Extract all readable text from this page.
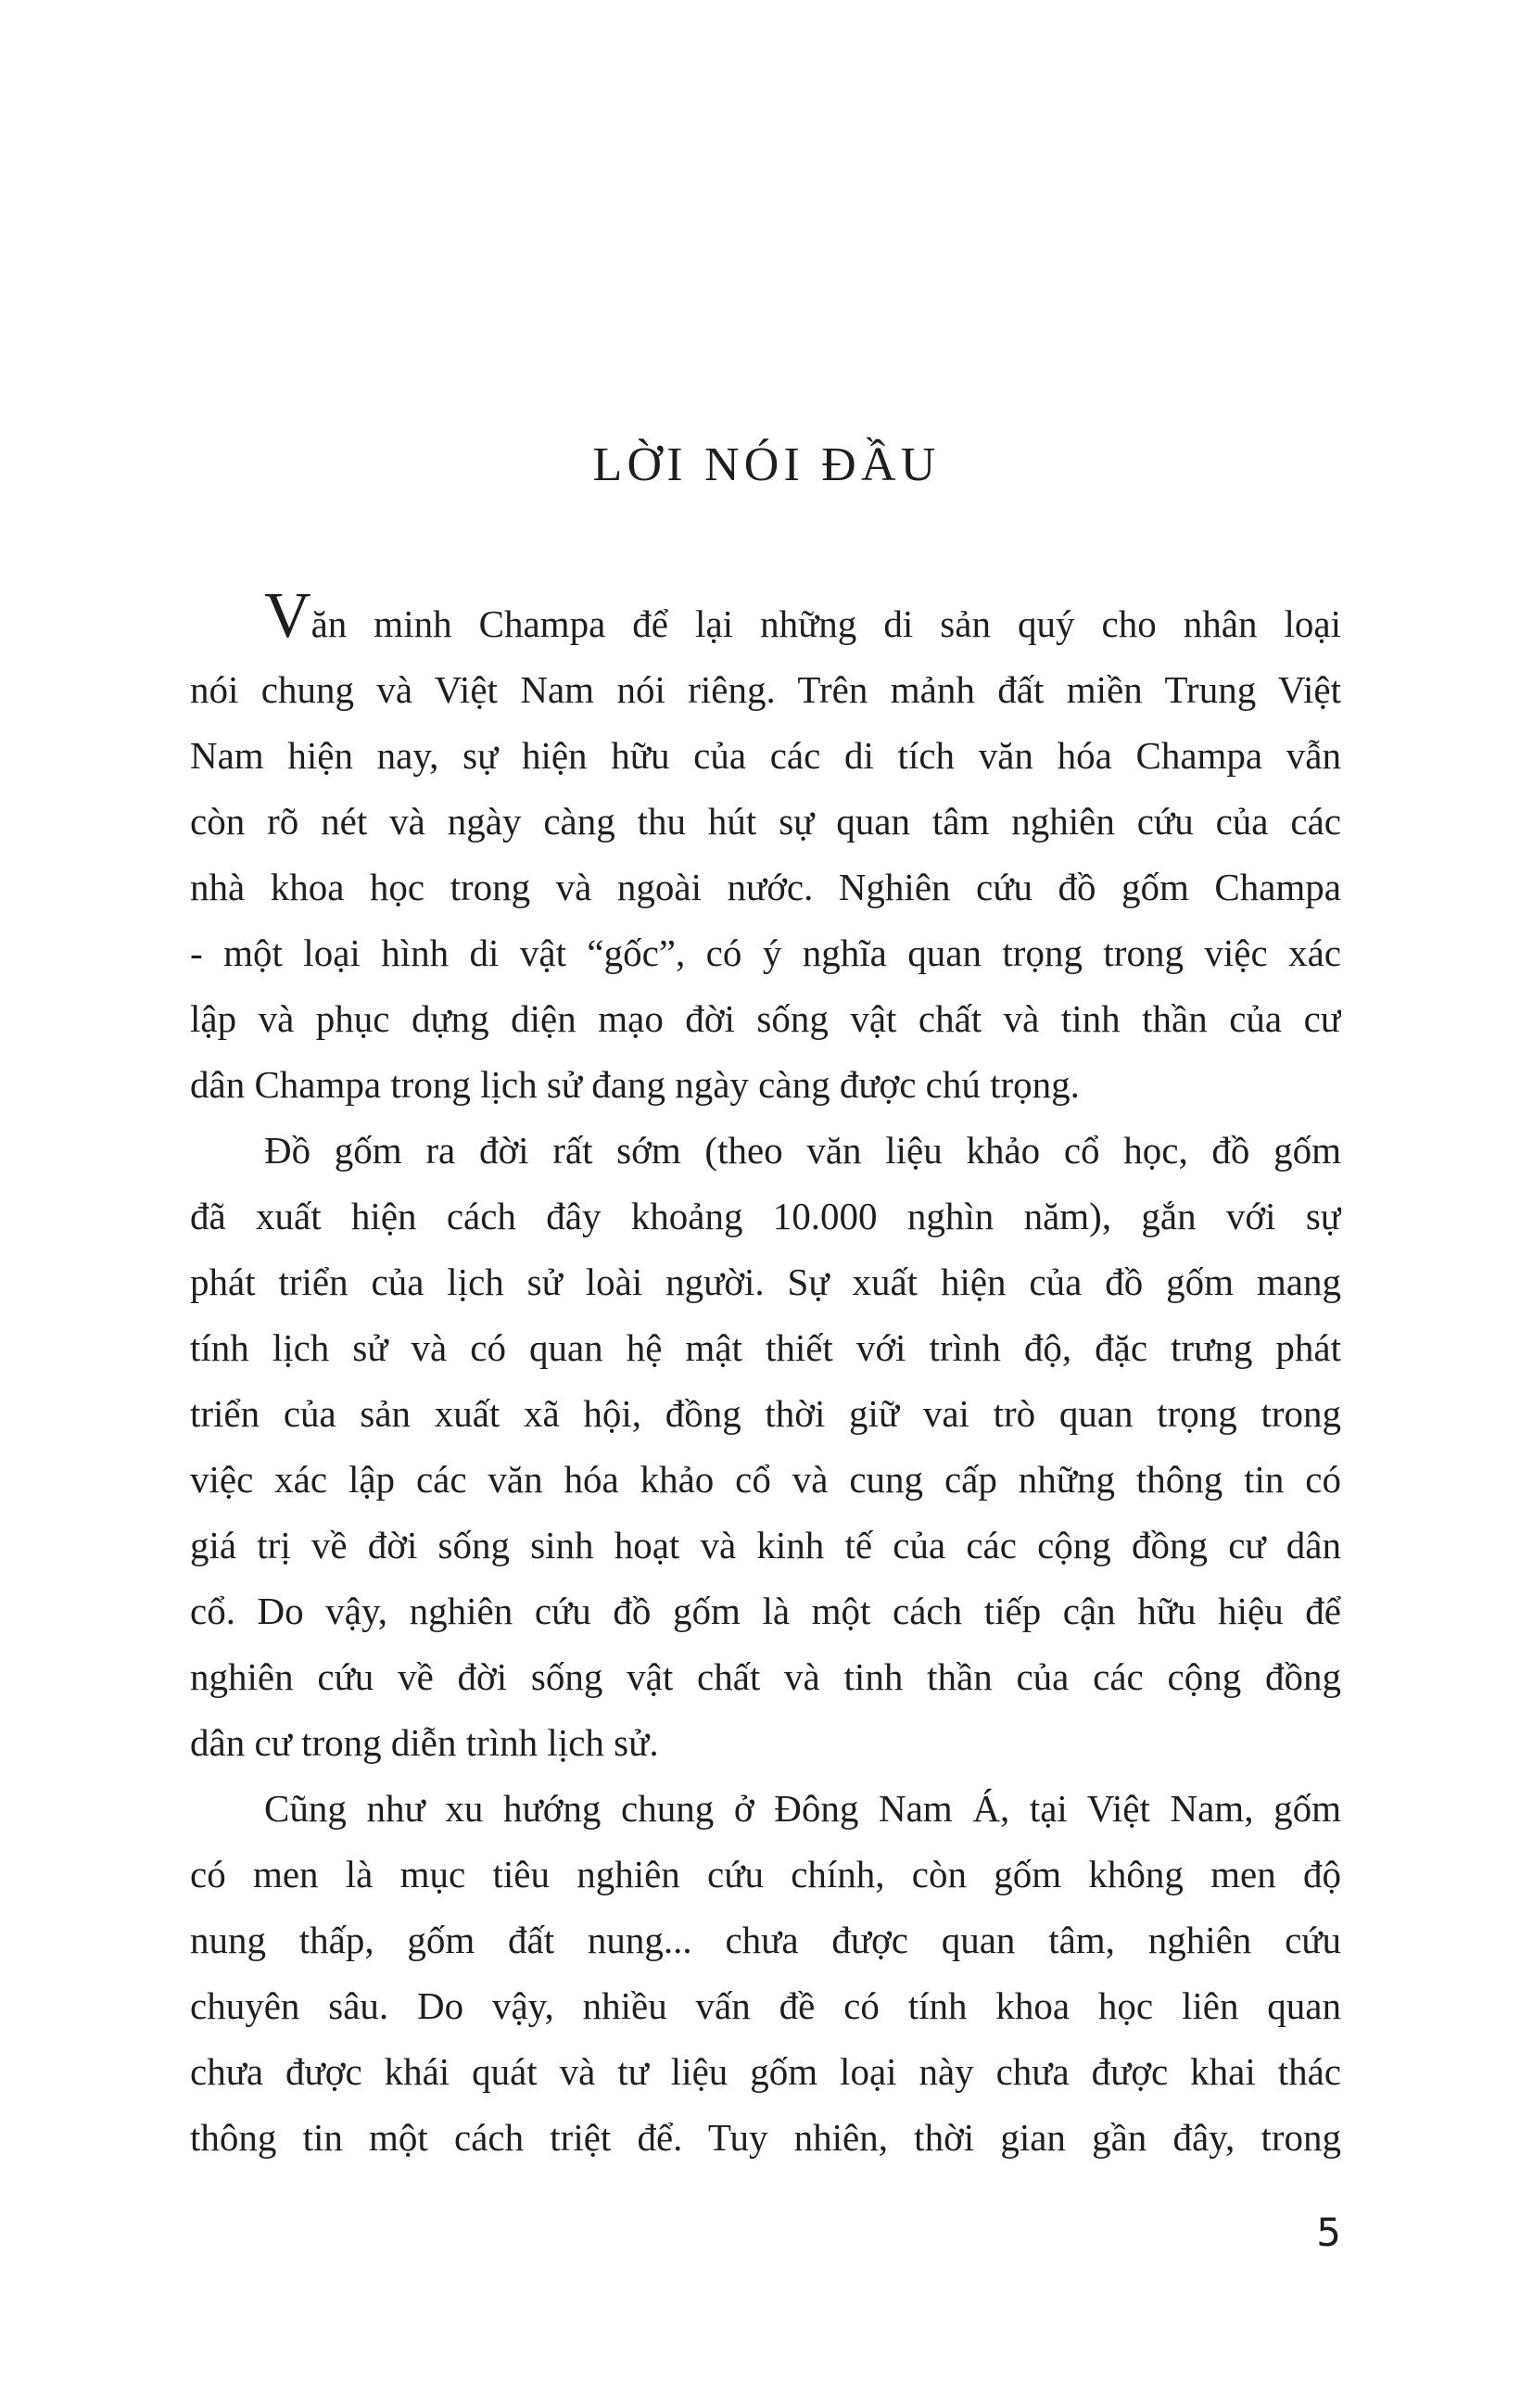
LỜI NÓI ĐẦU
Văn minh Champa để lại những di sản quý cho nhân loại
nói chung và Việt Nam nói riêng. Trên mảnh đất miền Trung Việt
Nam hiện nay, sự hiện hữu của các di tích văn hóa Champa vẫn
còn rõ nét và ngày càng thu hút sự quan tâm nghiên cứu của các
nhà khoa học trong và ngoài nước. Nghiên cứu đồ gốm Champa
- một loại hình di vật “gốc”, có ý nghĩa quan trọng trong việc xác
lập và phục dựng diện mạo đời sống vật chất và tinh thần của cư
dân Champa trong lịch sử đang ngày càng được chú trọng.
Đồ gốm ra đời rất sớm (theo văn liệu khảo cổ học, đồ gốm
đã xuất hiện cách đây khoảng 10.000 nghìn năm), gắn với sự
phát triển của lịch sử loài người. Sự xuất hiện của đồ gốm mang
tính lịch sử và có quan hệ mật thiết với trình độ, đặc trưng phát
triển của sản xuất xã hội, đồng thời giữ vai trò quan trọng trong
việc xác lập các văn hóa khảo cổ và cung cấp những thông tin có
giá trị về đời sống sinh hoạt và kinh tế của các cộng đồng cư dân
cổ. Do vậy, nghiên cứu đồ gốm là một cách tiếp cận hữu hiệu để
nghiên cứu về đời sống vật chất và tinh thần của các cộng đồng
dân cư trong diễn trình lịch sử.
Cũng như xu hướng chung ở Đông Nam Á, tại Việt Nam, gốm
có men là mục tiêu nghiên cứu chính, còn gốm không men độ
nung thấp, gốm đất nung... chưa được quan tâm, nghiên cứu
chuyên sâu. Do vậy, nhiều vấn đề có tính khoa học liên quan
chưa được khái quát và tư liệu gốm loại này chưa được khai thác
thông tin một cách triệt để. Tuy nhiên, thời gian gần đây, trong
5
